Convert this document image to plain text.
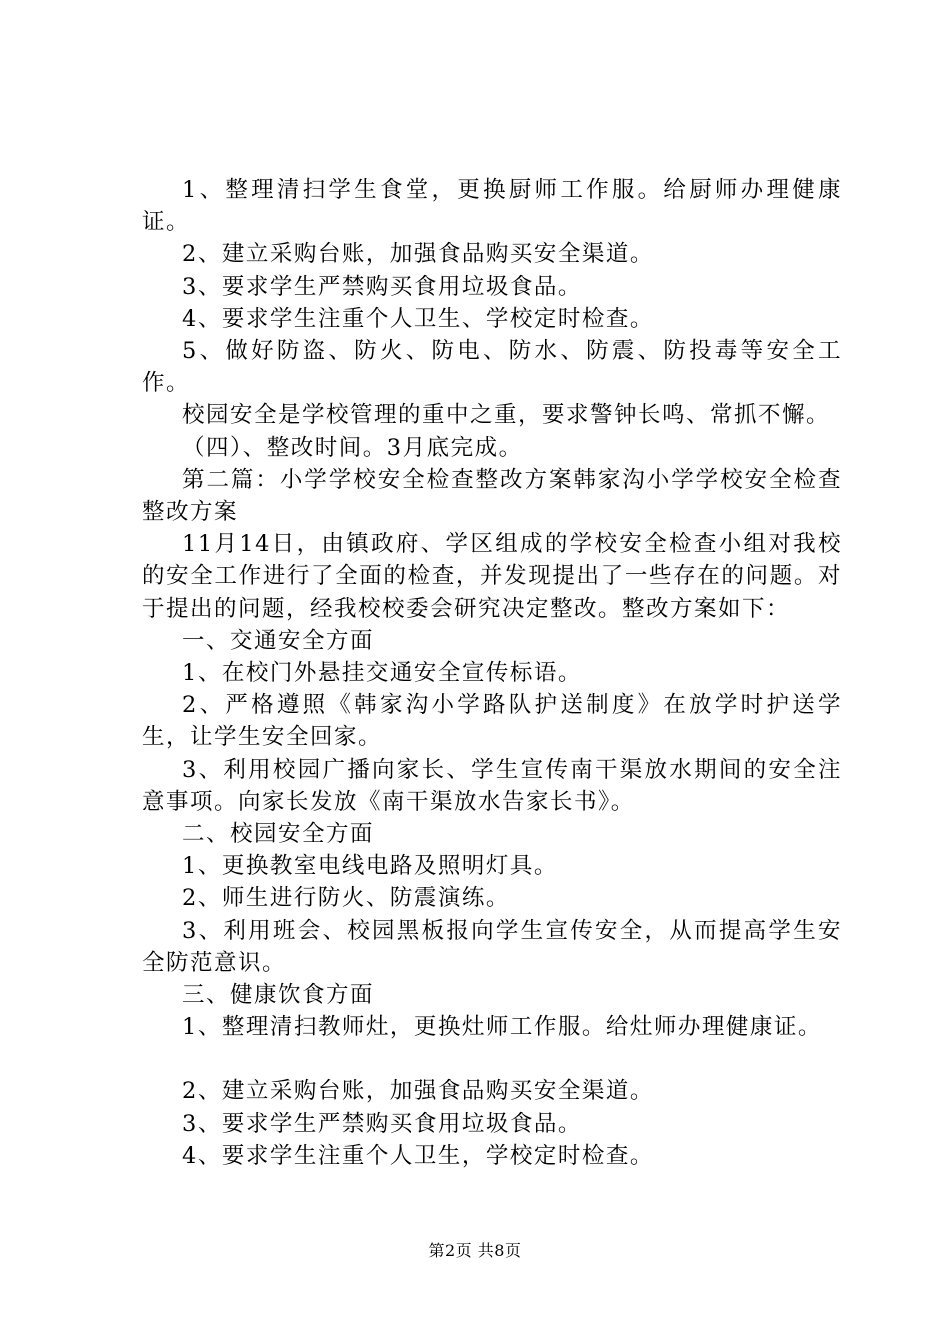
1、整理清扫学生食堂，更换厨师工作服。给厨师办理健康证。

2、建立采购台账，加强食品购买安全渠道。

3、要求学生严禁购买食用垃圾食品。

4、要求学生注重个人卫生、学校定时检查。

5、做好防盗、防火、防电、防水、防震、防投毒等安全工作。

校园安全是学校管理的重中之重，要求警钟长鸣、常抓不懈。

（四）、整改时间。3月底完成。

第二篇：小学学校安全检查整改方案韩家沟小学学校安全检查整改方案

11月14日，由镇政府、学区组成的学校安全检查小组对我校的安全工作进行了全面的检查，并发现提出了一些存在的问题。对于提出的问题，经我校校委会研究决定整改。整改方案如下：

一、交通安全方面

1、在校门外悬挂交通安全宣传标语。

2、严格遵照《韩家沟小学路队护送制度》在放学时护送学生，让学生安全回家。

3、利用校园广播向家长、学生宣传南干渠放水期间的安全注意事项。向家长发放《南干渠放水告家长书》。

二、校园安全方面

1、更换教室电线电路及照明灯具。

2、师生进行防火、防震演练。

3、利用班会、校园黑板报向学生宣传安全，从而提高学生安全防范意识。

三、健康饮食方面

1、整理清扫教师灶，更换灶师工作服。给灶师办理健康证。

2、建立采购台账，加强食品购买安全渠道。

3、要求学生严禁购买食用垃圾食品。

4、要求学生注重个人卫生，学校定时检查。

第2页 共8页
